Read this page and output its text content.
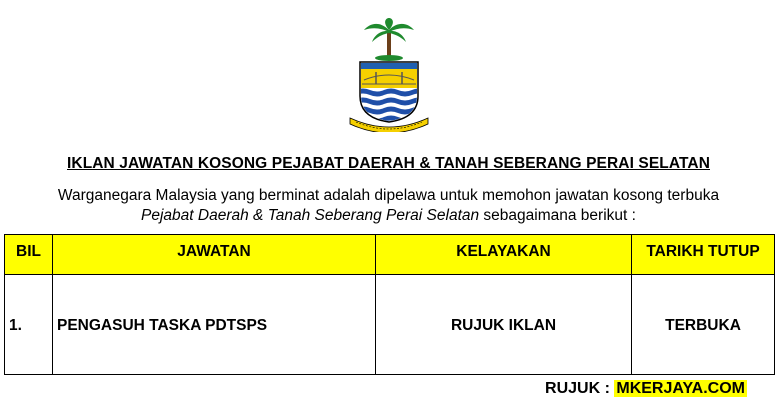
IKLAN JAWATAN KOSONG PEJABAT DAERAH & TANAH SEBERANG PERAI SELATAN
Warganegara Malaysia yang berminat adalah dipelawa untuk memohon jawatan kosong terbuka
Pejabat Daerah & Tanah Seberang Perai Selatan sebagaimana berikut :
BIL	JAWATAN	KELAYAKAN	TARIKH TUTUP
1.	PENGASUH TASKA PDTSPS	RUJUK IKLAN	TERBUKA
RUJUK : MKERJAYA.COM
